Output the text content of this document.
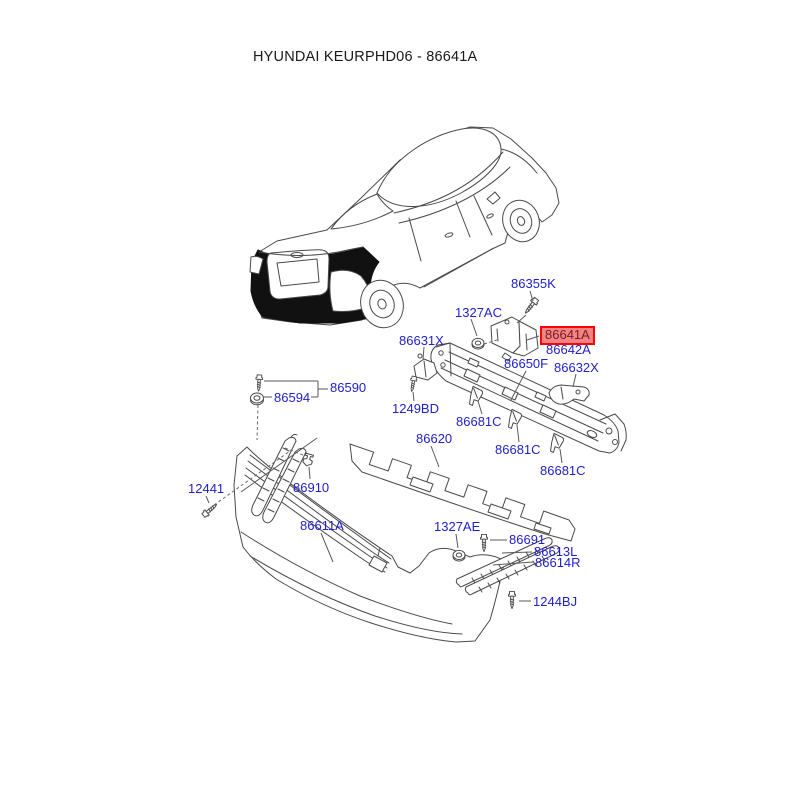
HYUNDAI KEURPHD06 - 86641A
86355K
1327AC
86641A
86642A
86631X
86650F 86632X
1249BD
86681C
86620
86681C
86681C
86590
86594
12441	86910
86611A	1327AE
86691
86613L
86614R
1244BJ
